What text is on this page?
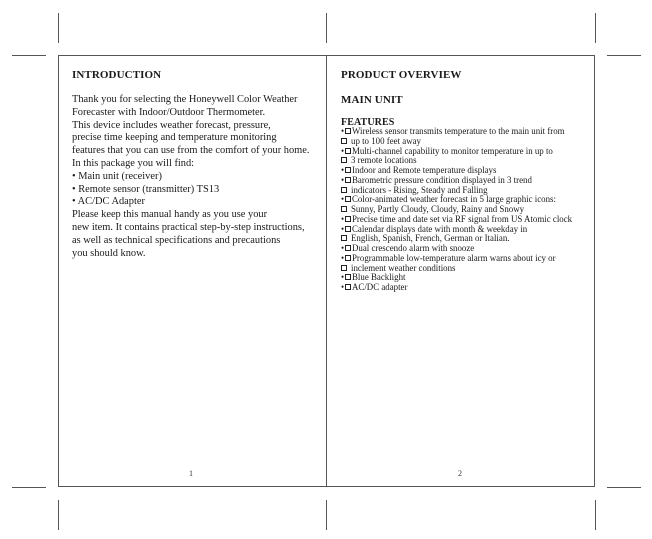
INTRODUCTION
Thank you for selecting the Honeywell Color Weather
Forecaster with Indoor/Outdoor Thermometer.
This device includes weather forecast, pressure,
precise time keeping and temperature monitoring
features that you can use from the comfort of your home.
In this package you will find:
• Main unit (receiver)
• Remote sensor (transmitter) TS13
• AC/DC Adapter
Please keep this manual handy as you use your
new item. It contains practical step-by-step instructions,
as well as technical specifications and precautions
you should know.
1
PRODUCT OVERVIEW
MAIN UNIT
FEATURES
• Wireless sensor transmits temperature to the main unit from
up to 100 feet away
• Multi-channel capability to monitor temperature in up to
3 remote locations
• Indoor and Remote temperature displays
• Barometric pressure condition displayed in 3 trend
indicators - Rising, Steady and Falling
• Color-animated weather forecast in 5 large graphic icons:
Sunny, Partly Cloudy, Cloudy, Rainy and Snowy
• Precise time and date set via RF signal from US Atomic clock
• Calendar displays date with month & weekday in
English, Spanish, French, German or Italian.
• Dual crescendo alarm with snooze
• Programmable low-temperature alarm warns about icy or
inclement weather conditions
• Blue Backlight
• AC/DC adapter
2
